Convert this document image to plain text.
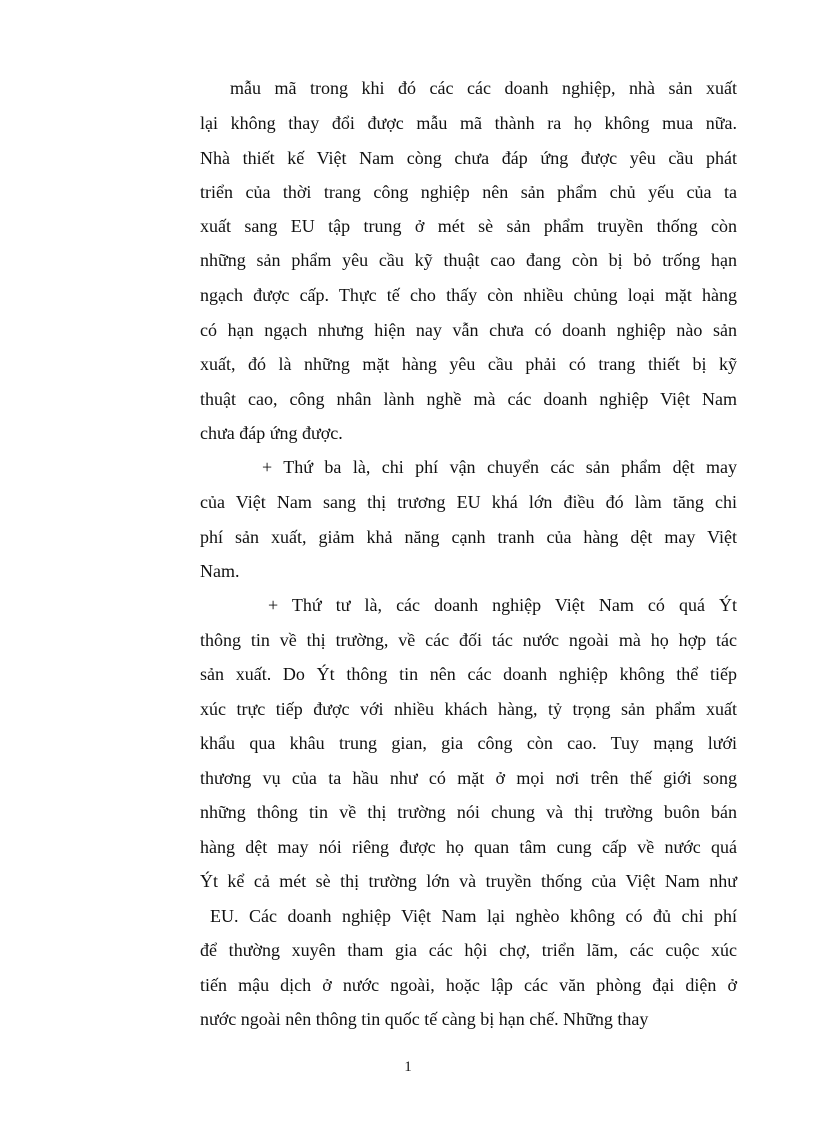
mẫu mã trong khi đó các các doanh nghiệp, nhà sản xuất
lại không thay đổi được mẫu mã thành ra họ không mua nữa.
Nhà thiết kế Việt Nam còng chưa đáp ứng được yêu cầu phát
triển của thời trang công nghiệp nên sản phẩm chủ yếu của ta
xuất sang EU tập trung ở mét sè sản phẩm truyền thống còn
những sản phẩm yêu cầu kỹ thuật cao đang còn bị bỏ trống hạn
ngạch được cấp. Thực tế cho thấy còn nhiều chủng loại mặt hàng
có hạn ngạch nhưng hiện nay vẫn chưa có doanh nghiệp nào sản
xuất, đó là những mặt hàng yêu cầu phải có trang thiết bị kỹ
thuật cao, công nhân lành nghề mà các doanh nghiệp Việt Nam
chưa đáp ứng được.
+ Thứ ba là, chi phí vận chuyển các sản phẩm dệt may
của Việt Nam sang thị trương EU khá lớn điều đó làm tăng chi
phí sản xuất, giảm khả năng cạnh tranh của hàng dệt may Việt
Nam.
+ Thứ tư là, các doanh nghiệp Việt Nam có quá Ýt
thông tin về thị trường, về các đối tác nước ngoài mà họ hợp tác
sản xuất. Do Ýt thông tin nên các doanh nghiệp không thể tiếp
xúc trực tiếp được với nhiều khách hàng, tỷ trọng sản phẩm xuất
khẩu qua khâu trung gian, gia công còn cao. Tuy mạng lưới
thương vụ của ta hầu như có mặt ở mọi nơi trên thế giới song
những thông tin về thị trường nói chung và thị trường buôn bán
hàng dệt may nói riêng được họ quan tâm cung cấp về nước quá
Ýt kể cả mét sè thị trường lớn và truyền thống của Việt Nam như
EU. Các doanh nghiệp Việt Nam lại nghèo không có đủ chi phí
để thường xuyên tham gia các hội chợ, triển lãm, các cuộc xúc
tiến mậu dịch ở nước ngoài, hoặc lập các văn phòng đại diện ở
nước ngoài nên thông tin quốc tế càng bị hạn chế. Những thay
1
